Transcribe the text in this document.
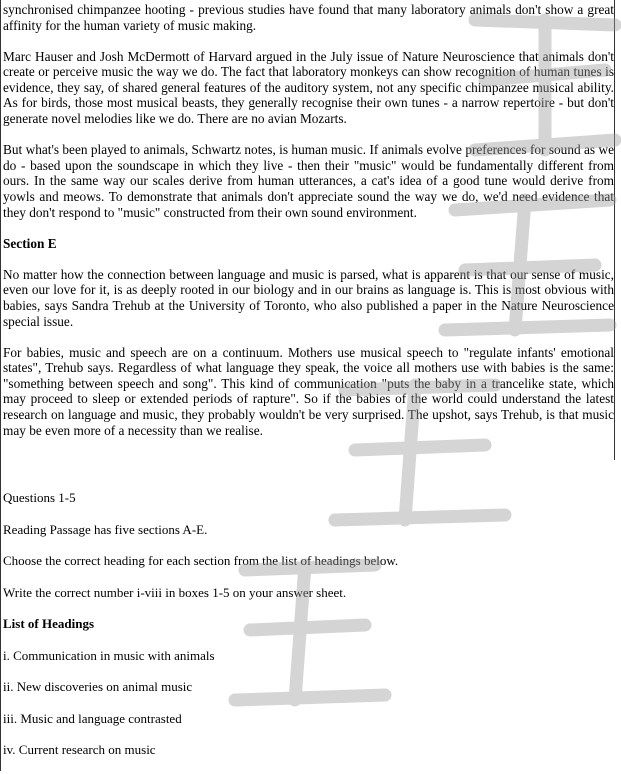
synchronised chimpanzee hooting - previous studies have found that many laboratory animals don't show a great affinity for the human variety of music making.

Marc Hauser and Josh McDermott of Harvard argued in the July issue of Nature Neuroscience that animals don't create or perceive music the way we do. The fact that laboratory monkeys can show recognition of human tunes is evidence, they say, of shared general features of the auditory system, not any specific chimpanzee musical ability. As for birds, those most musical beasts, they generally recognise their own tunes - a narrow repertoire - but don't generate novel melodies like we do. There are no avian Mozarts.

But what's been played to animals, Schwartz notes, is human music. If animals evolve preferences for sound as we do - based upon the soundscape in which they live - then their "music" would be fundamentally different from ours. In the same way our scales derive from human utterances, a cat's idea of a good tune would derive from yowls and meows. To demonstrate that animals don't appreciate sound the way we do, we'd need evidence that they don't respond to "music" constructed from their own sound environment.

Section E

No matter how the connection between language and music is parsed, what is apparent is that our sense of music, even our love for it, is as deeply rooted in our biology and in our brains as language is. This is most obvious with babies, says Sandra Trehub at the University of Toronto, who also published a paper in the Nature Neuroscience special issue.

For babies, music and speech are on a continuum. Mothers use musical speech to "regulate infants' emotional states", Trehub says. Regardless of what language they speak, the voice all mothers use with babies is the same: "something between speech and song". This kind of communication "puts the baby in a trancelike state, which may proceed to sleep or extended periods of rapture". So if the babies of the world could understand the latest research on language and music, they probably wouldn't be very surprised. The upshot, says Trehub, is that music may be even more of a necessity than we realise.

Questions 1-5

Reading Passage has five sections A-E.

Choose the correct heading for each section from the list of headings below.

Write the correct number i-viii in boxes 1-5 on your answer sheet.

List of Headings

i. Communication in music with animals

ii. New discoveries on animal music

iii. Music and language contrasted

iv. Current research on music
